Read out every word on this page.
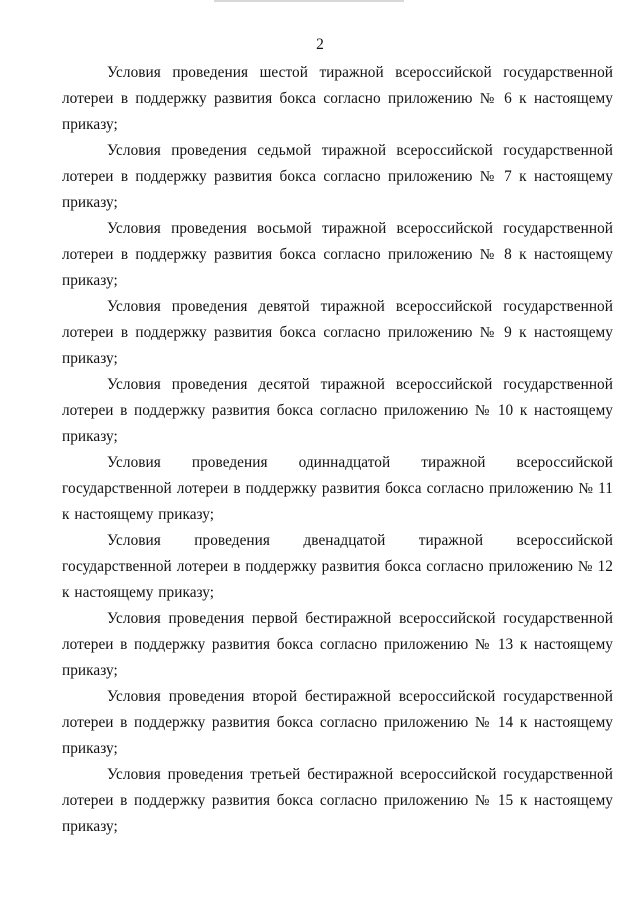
2

Условия проведения шестой тиражной всероссийской государственной лотереи в поддержку развития бокса согласно приложению № 6 к настоящему приказу;

Условия проведения седьмой тиражной всероссийской государственной лотереи в поддержку развития бокса согласно приложению № 7 к настоящему приказу;

Условия проведения восьмой тиражной всероссийской государственной лотереи в поддержку развития бокса согласно приложению № 8 к настоящему приказу;

Условия проведения девятой тиражной всероссийской государственной лотереи в поддержку развития бокса согласно приложению № 9 к настоящему приказу;

Условия проведения десятой тиражной всероссийской государственной лотереи в поддержку развития бокса согласно приложению № 10 к настоящему приказу;

Условия проведения одиннадцатой тиражной всероссийской государственной лотереи в поддержку развития бокса согласно приложению № 11 к настоящему приказу;

Условия проведения двенадцатой тиражной всероссийской государственной лотереи в поддержку развития бокса согласно приложению № 12 к настоящему приказу;

Условия проведения первой бестиражной всероссийской государственной лотереи в поддержку развития бокса согласно приложению № 13 к настоящему приказу;

Условия проведения второй бестиражной всероссийской государственной лотереи в поддержку развития бокса согласно приложению № 14 к настоящему приказу;

Условия проведения третьей бестиражной всероссийской государственной лотереи в поддержку развития бокса согласно приложению № 15 к настоящему приказу;
